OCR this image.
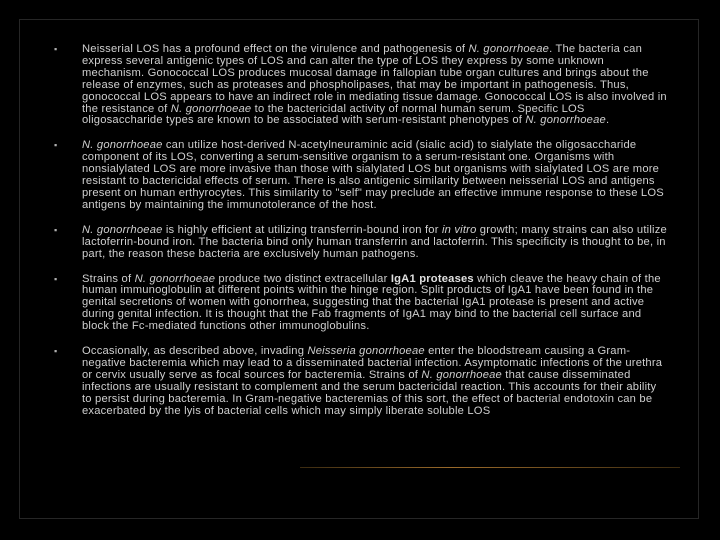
▪ Neisserial LOS has a profound effect on the virulence and pathogenesis of N. gonorrhoeae. The bacteria can express several antigenic types of LOS and can alter the type of LOS they express by some unknown mechanism. Gonococcal LOS produces mucosal damage in fallopian tube organ cultures and brings about the release of enzymes, such as proteases and phospholipases, that may be important in pathogenesis. Thus, gonococcal LOS appears to have an indirect role in mediating tissue damage. Gonococcal LOS is also involved in the resistance of N. gonorrhoeae to the bactericidal activity of normal human serum. Specific LOS oligosaccharide types are known to be associated with serum-resistant phenotypes of N. gonorrhoeae.
▪ N. gonorrhoeae can utilize host-derived N-acetylneuraminic acid (sialic acid) to sialylate the oligosaccharide component of its LOS, converting a serum-sensitive organism to a serum-resistant one. Organisms with nonsialylated LOS are more invasive than those with sialylated LOS but organisms with sialylated LOS are more resistant to bactericidal effects of serum. There is also antigenic similarity between neisserial LOS and antigens present on human erthyrocytes. This similarity to "self" may preclude an effective immune response to these LOS antigens by maintaining the immunotolerance of the host.
▪ N. gonorrhoeae is highly efficient at utilizing transferrin-bound iron for in vitro growth; many strains can also utilize lactoferrin-bound iron. The bacteria bind only human transferrin and lactoferrin. This specificity is thought to be, in part, the reason these bacteria are exclusively human pathogens.
▪ Strains of N. gonorrhoeae produce two distinct extracellular IgA1 proteases which cleave the heavy chain of the human immunoglobulin at different points within the hinge region. Split products of IgA1 have been found in the genital secretions of women with gonorrhea, suggesting that the bacterial IgA1 protease is present and active during genital infection. It is thought that the Fab fragments of IgA1 may bind to the bacterial cell surface and block the Fc-mediated functions other immunoglobulins.
▪ Occasionally, as described above, invading Neisseria gonorrhoeae enter the bloodstream causing a Gram-negative bacteremia which may lead to a disseminated bacterial infection. Asymptomatic infections of the urethra or cervix usually serve as focal sources for bacteremia. Strains of N. gonorrhoeae that cause disseminated infections are usually resistant to complement and the serum bactericidal reaction. This accounts for their ability to persist during bacteremia. In Gram-negative bacteremias of this sort, the effect of bacterial endotoxin can be exacerbated by the lyis of bacterial cells which may simply liberate soluble LOS
